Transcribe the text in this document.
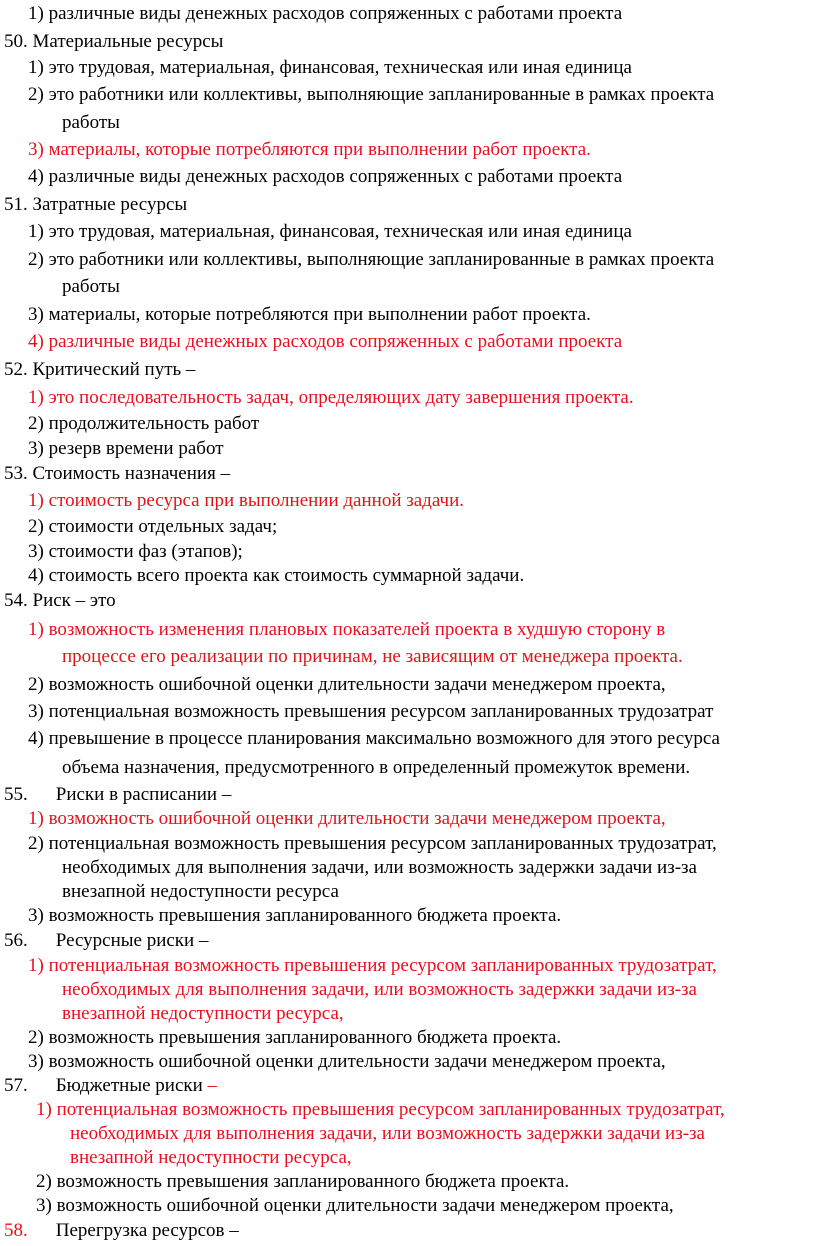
1) различные виды денежных расходов сопряженных с работами проекта
50. Материальные ресурсы
1) это трудовая, материальная, финансовая, техническая или иная единица
2) это работники или коллективы, выполняющие запланированные в рамках проекта
работы
3) материалы, которые потребляются при выполнении работ проекта.
4) различные виды денежных расходов сопряженных с работами проекта
51. Затратные ресурсы
1) это трудовая, материальная, финансовая, техническая или иная единица
2) это работники или коллективы, выполняющие запланированные в рамках проекта
работы
3) материалы, которые потребляются при выполнении работ проекта.
4) различные виды денежных расходов сопряженных с работами проекта
52. Критический путь –
1) это последовательность задач, определяющих дату завершения проекта.
2) продолжительность работ
3) резерв времени работ
53. Стоимость назначения –
1) стоимость ресурса при выполнении данной задачи.
2) стоимости отдельных задач;
3) стоимости фаз (этапов);
4) стоимость всего проекта как стоимость суммарной задачи.
54. Риск – это
1) возможность изменения плановых показателей проекта в худшую сторону в
процессе его реализации по причинам, не зависящим от менеджера проекта.
2) возможность ошибочной оценки длительности задачи менеджером проекта,
3) потенциальная возможность превышения ресурсом запланированных трудозатрат
4) превышение в процессе планирования максимально возможного для этого ресурса
объема назначения, предусмотренного в определенный промежуток времени.
55. Риски в расписании –
1) возможность ошибочной оценки длительности задачи менеджером проекта,
2) потенциальная возможность превышения ресурсом запланированных трудозатрат,
необходимых для выполнения задачи, или возможность задержки задачи из-за
внезапной недоступности ресурса
3) возможность превышения запланированного бюджета проекта.
56. Ресурсные риски –
1) потенциальная возможность превышения ресурсом запланированных трудозатрат,
необходимых для выполнения задачи, или возможность задержки задачи из-за
внезапной недоступности ресурса,
2) возможность превышения запланированного бюджета проекта.
3) возможность ошибочной оценки длительности задачи менеджером проекта,
57. Бюджетные риски –
1) потенциальная возможность превышения ресурсом запланированных трудозатрат,
необходимых для выполнения задачи, или возможность задержки задачи из-за
внезапной недоступности ресурса,
2) возможность превышения запланированного бюджета проекта.
3) возможность ошибочной оценки длительности задачи менеджером проекта,
58. Перегрузка ресурсов –
